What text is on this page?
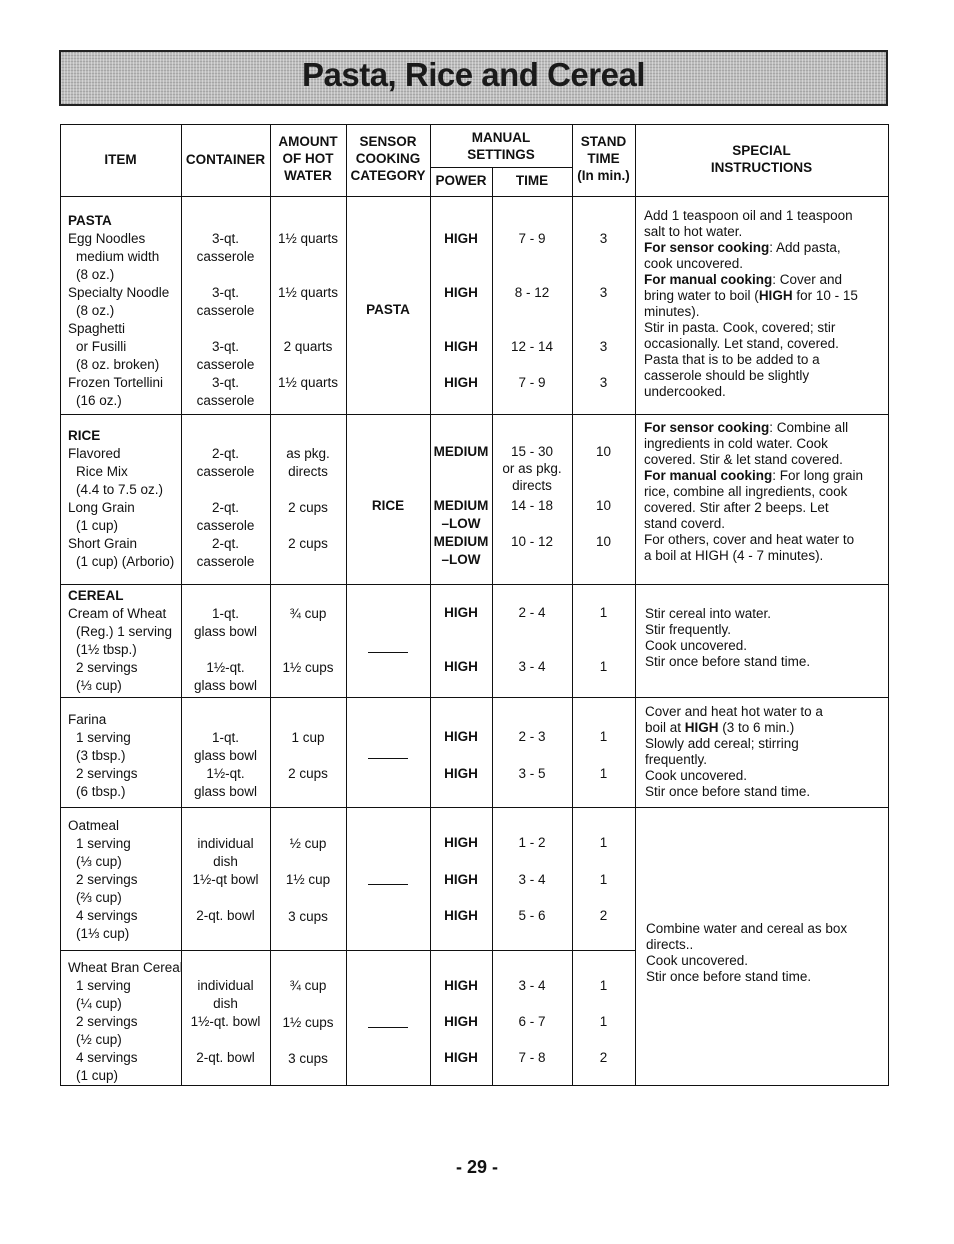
Pasta, Rice and Cereal
ITEM	CONTAINER
AMOUNT
OF HOT
WATER
SENSOR
COOKING
CATEGORY
MANUAL
SETTINGS
POWER	TIME
STAND
TIME
(In min.)
SPECIAL
INSTRUCTIONS
PASTA
Egg Noodles
medium width
(8 oz.)
Specialty Noodle
(8 oz.)
Spaghetti
or Fusilli
(8 oz. broken)
Frozen Tortellini
(16 oz.)
3-qt.
casserole
3-qt.
casserole
3-qt.
casserole
3-qt.
casserole
1½ quarts
1½ quarts
2 quarts
1½ quarts
PASTA
HIGH
HIGH
HIGH
HIGH
7 - 9
8 - 12
12 - 14
7 - 9
3
3
3
3
Add 1 teaspoon oil and 1 teaspoon
salt to hot water.
For sensor cooking: Add pasta,
cook uncovered.
For manual cooking: Cover and
bring water to boil (HIGH for 10 - 15
minutes).
Stir in pasta. Cook, covered; stir
occasionally. Let stand, covered.
Pasta that is to be added to a
casserole should be slightly
undercooked.
RICE
Flavored
Rice Mix
(4.4 to 7.5 oz.)
Long Grain
(1 cup)
Short Grain
(1 cup) (Arborio)
2-qt.
casserole
2-qt.
casserole
2-qt.
casserole
as pkg.
directs
2 cups
2 cups
RICE
MEDIUM
MEDIUM
–LOW
MEDIUM
–LOW
15 - 30
or as pkg.
directs
14 - 18
10 - 12
10
10
10
For sensor cooking: Combine all
ingredients in cold water. Cook
covered. Stir & let stand covered.
For manual cooking: For long grain
rice, combine all ingredients, cook
covered. Stir after 2 beeps. Let
stand coverd.
For others, cover and heat water to
a boil at HIGH (4 - 7 minutes).
CEREAL
Cream of Wheat
(Reg.) 1 serving
(1½ tbsp.)
2 servings
(⅓ cup)
1-qt.
glass bowl
1½-qt.
glass bowl
¾ cup
1½ cups
HIGH
HIGH
2 - 4
3 - 4
1
1
Stir cereal into water.
Stir frequently.
Cook uncovered.
Stir once before stand time.
Farina
1 serving
(3 tbsp.)
2 servings
(6 tbsp.)
1-qt.
glass bowl
1½-qt.
glass bowl
1 cup
2 cups
HIGH
HIGH
2 - 3
3 - 5
1
1
Cover and heat hot water to a
boil at HIGH (3 to 6 min.)
Slowly add cereal; stirring
frequently.
Cook uncovered.
Stir once before stand time.
Oatmeal
1 serving
(⅓ cup)
2 servings
(⅔ cup)
4 servings
(1⅓ cup)
individual
dish
1½-qt bowl
2-qt. bowl
½ cup
1½ cup
3 cups
HIGH
HIGH
HIGH
1 - 2
3 - 4
5 - 6
1
1
2
Combine water and cereal as box
directs..
Cook uncovered.
Stir once before stand time.
Wheat Bran Cereal
1 serving
(¼ cup)
2 servings
(½ cup)
4 servings
(1 cup)
individual
dish
1½-qt. bowl
2-qt. bowl
¾ cup
1½ cups
3 cups
HIGH
HIGH
HIGH
3 - 4
6 - 7
7 - 8
1
1
2
- 29 -
